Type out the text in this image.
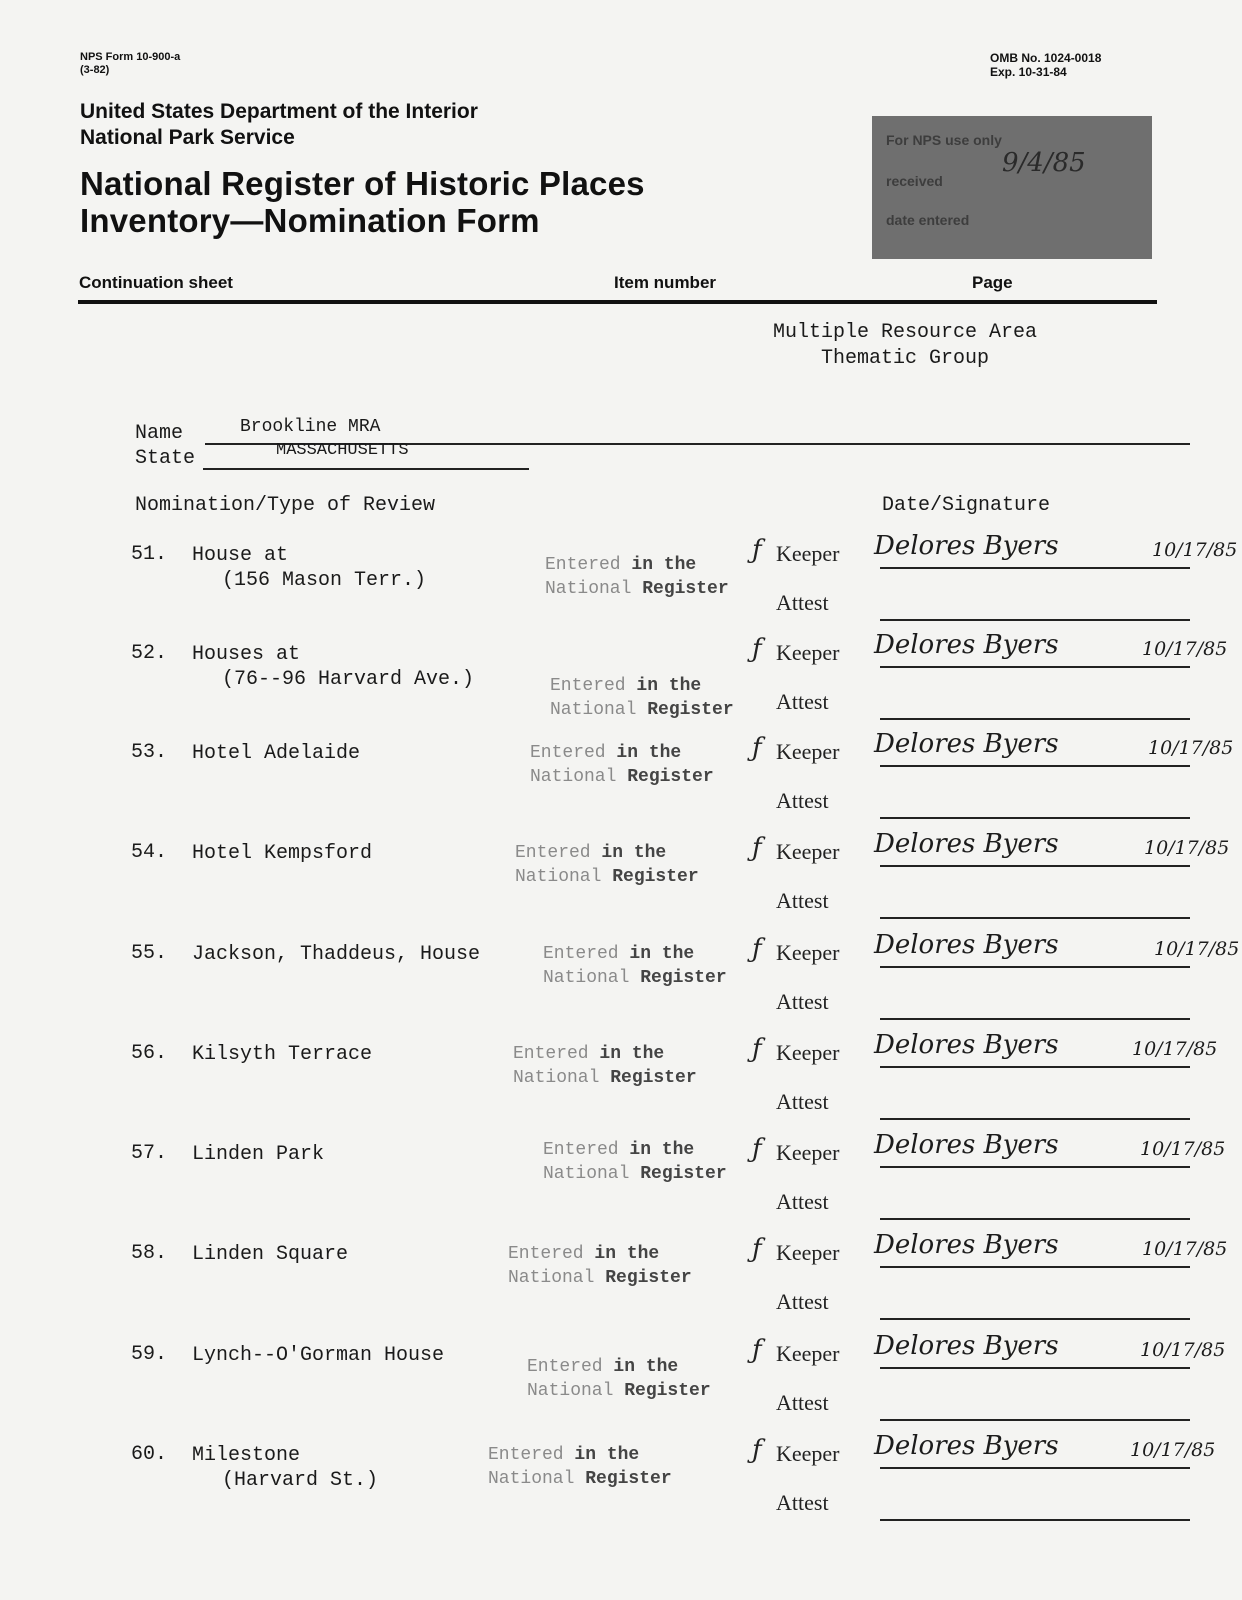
NPS Form 10-900-a
(3-82)
OMB No. 1024-0018
Exp. 10-31-84
United States Department of the Interior
National Park Service
National Register of Historic Places
Inventory—Nomination Form
For NPS use only
received
9/4/85
date entered
Continuation sheet	Item number	Page
Multiple Resource Area
Thematic Group
Name	Brookline MRA
State	MASSACHUSETTS
Nomination/Type of Review	Date/Signature
51. House at
(156 Mason Terr.)
Entered in the
National Register
ƒ Keeper
Attest
Delores Byers	10/17/85
52. Houses at
(76--96 Harvard Ave.)	Entered in the
National Register
ƒ Keeper
Attest
Delores Byers	10/17/85
53. Hotel Adelaide	Entered in the
National Register
ƒ Keeper
Attest
Delores Byers	10/17/85
54. Hotel Kempsford	Entered in the
National Register
ƒ Keeper
Attest
Delores Byers	10/17/85
55. Jackson, Thaddeus, House	Entered in the
National Register
ƒ Keeper
Attest
Delores Byers	10/17/85
56. Kilsyth Terrace	Entered in the
National Register
ƒ Keeper
Attest
Delores Byers	10/17/85
57. Linden Park	Entered in the
National Register
ƒ Keeper
Attest
Delores Byers	10/17/85
58. Linden Square	Entered in the
National Register
ƒ Keeper
Attest
Delores Byers	10/17/85
59. Lynch--O'Gorman House	Entered in the
National Register
ƒ Keeper
Attest
Delores Byers	10/17/85
60. Milestone
(Harvard St.)
Entered in the
National Register
ƒ Keeper
Attest
Delores Byers	10/17/85
